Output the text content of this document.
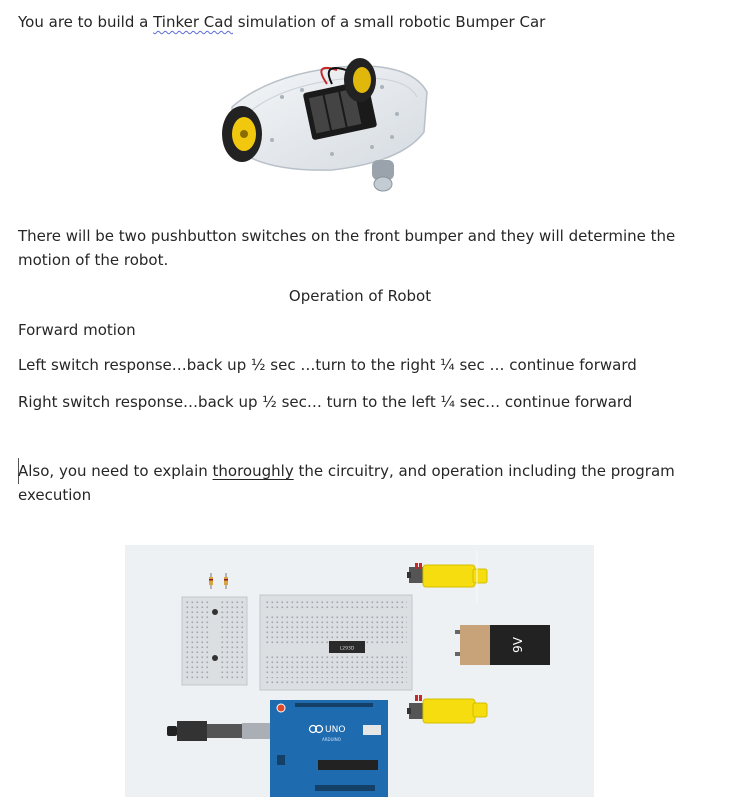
You are to build a Tinker Cad simulation of a small robotic Bumper Car

There will be two pushbutton switches on the front bumper and they will determine the motion of the robot.

Operation of Robot

Forward motion

Left switch response…back up ½ sec …turn to the right ¼ sec … continue forward

Right switch response…back up ½ sec… turn to the left ¼ sec… continue forward

Also, you need to explain thoroughly the circuitry, and operation including the program execution

L293D	9V
UNO
ARDUINO
